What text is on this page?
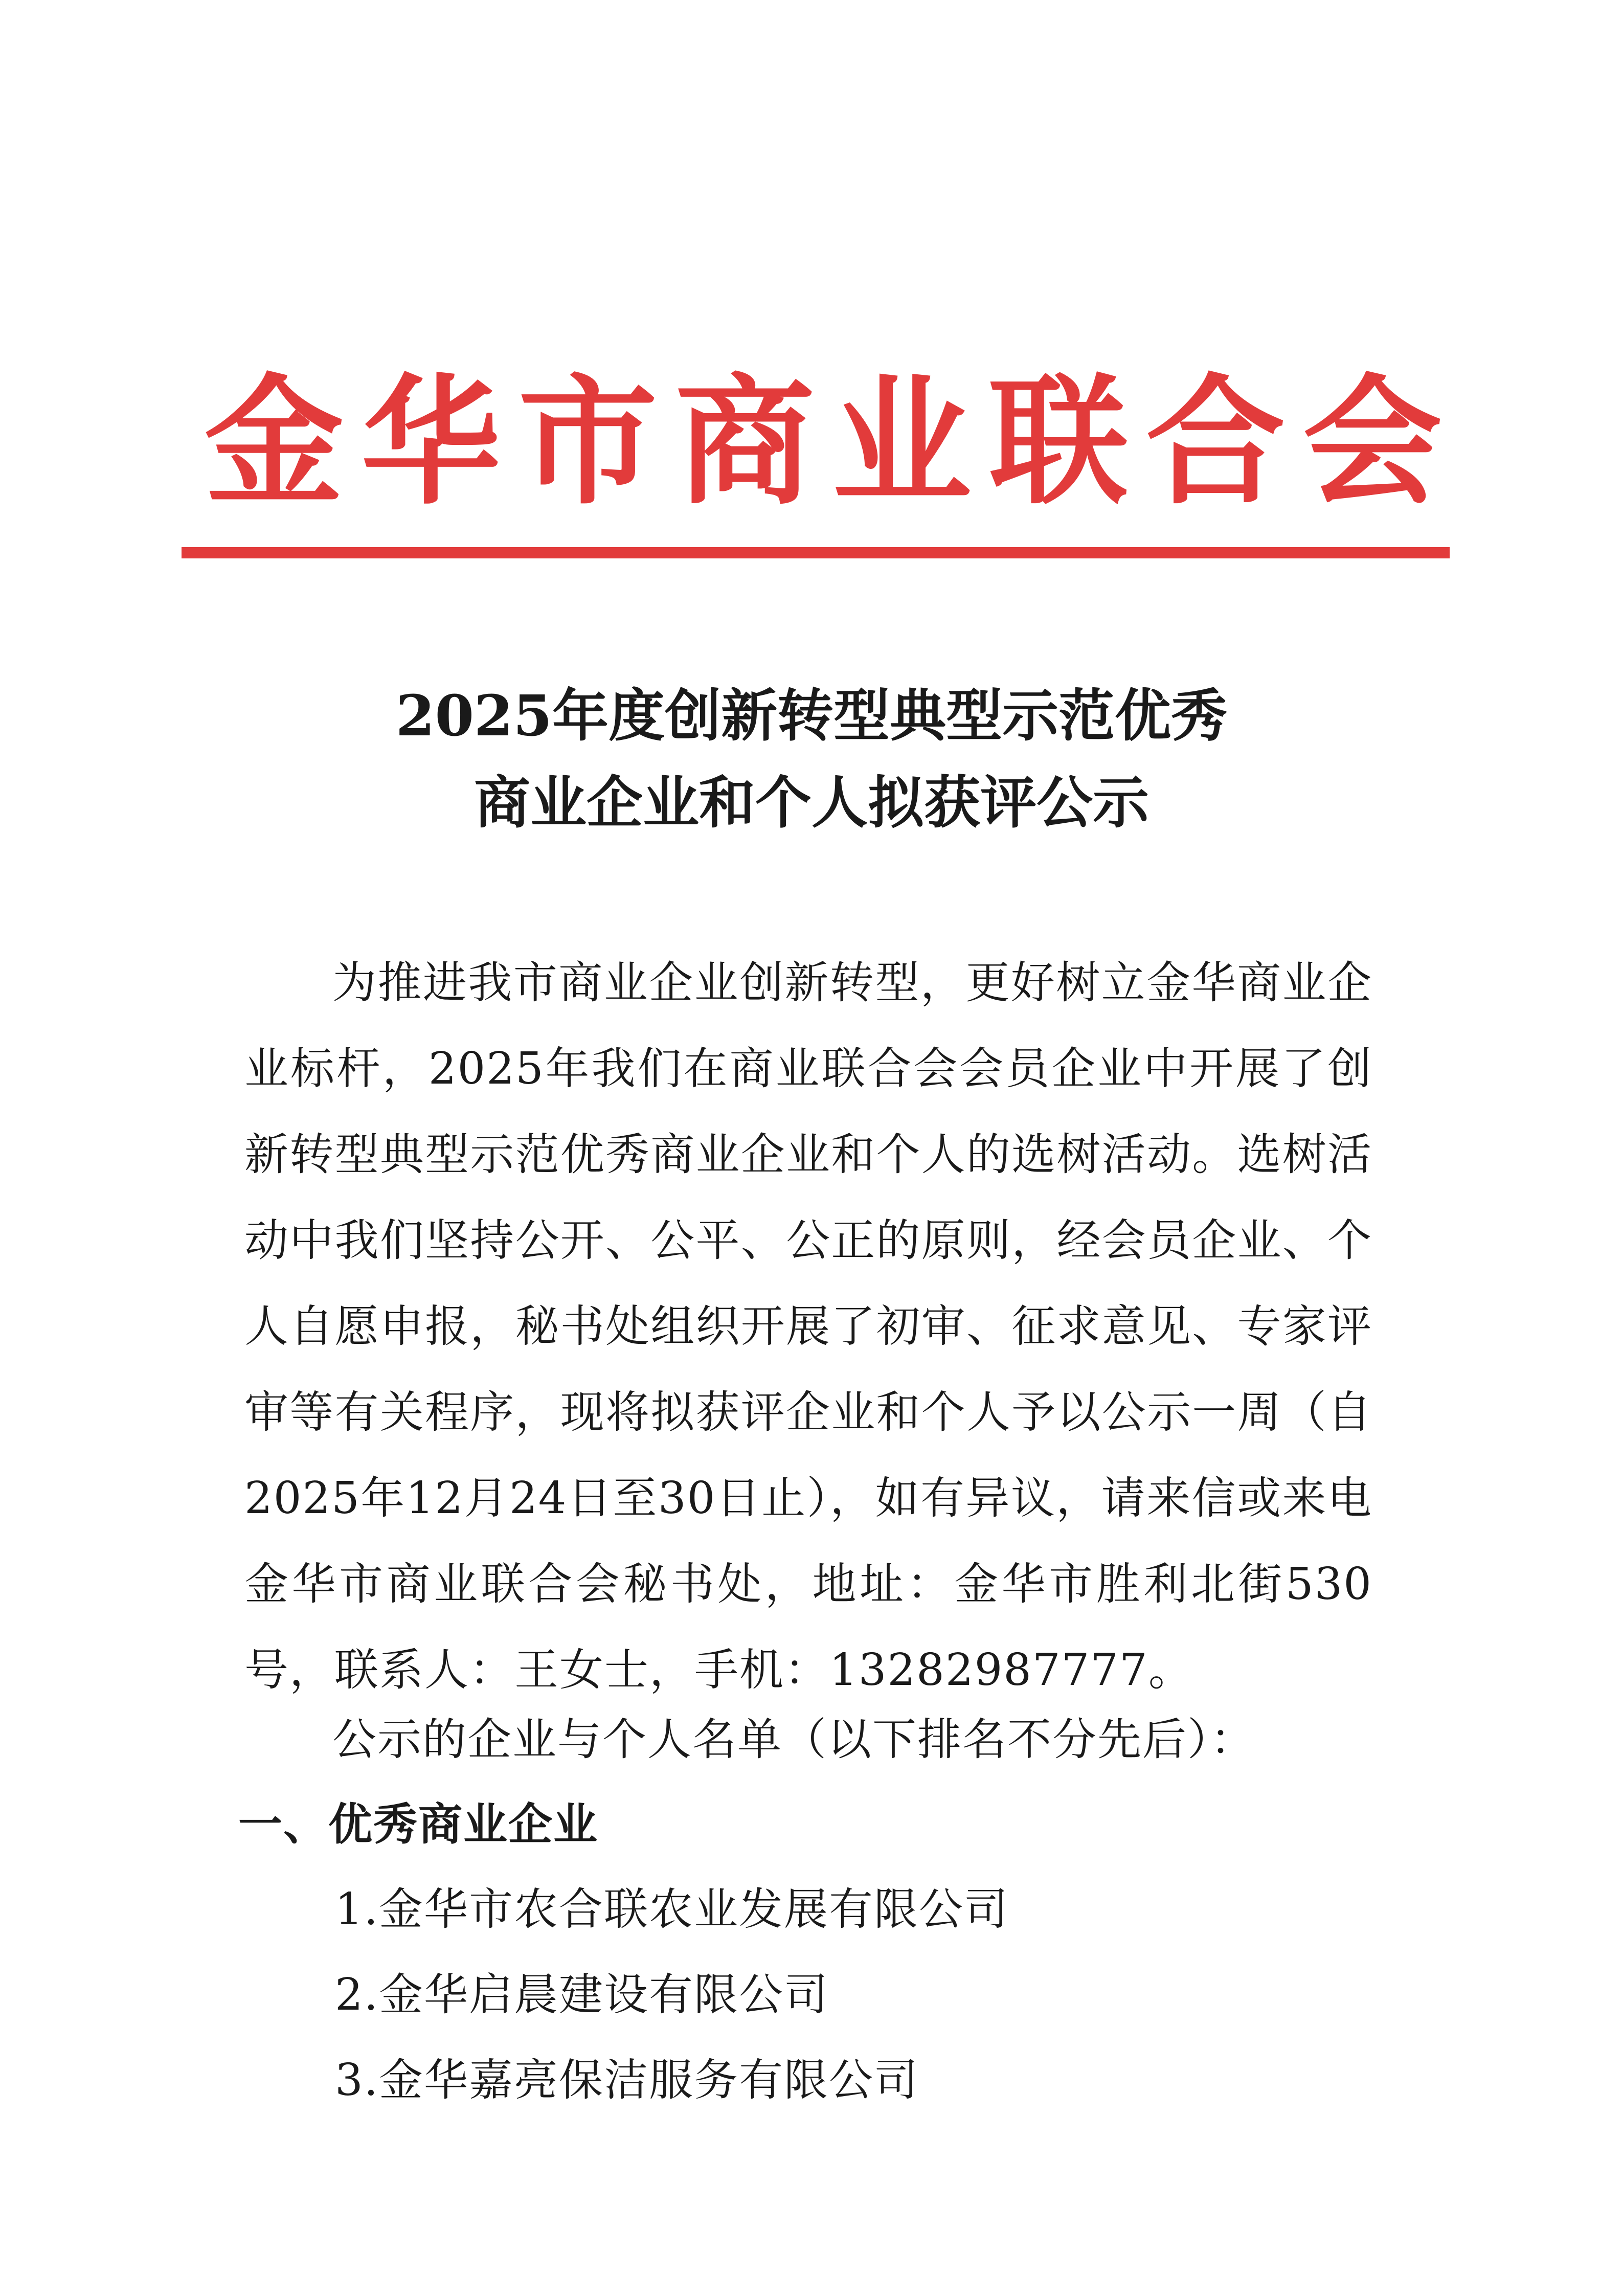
金 华 市 商 业 联 合 会
2025年度创新转型典型示范优秀
商业企业和个人拟获评公示

为推进我市商业企业创新转型，更好树立金华商业企业标杆，2025年我们在商业联合会会员企业中开展了创新转型典型示范优秀商业企业和个人的选树活动。选树活动中我们坚持公开、公平、公正的原则，经会员企业、个人自愿申报，秘书处组织开展了初审、征求意见、专家评审等有关程序，现将拟获评企业和个人予以公示一周（自2025年12月24日至30日止），如有异议，请来信或来电金华市商业联合会秘书处，地址：金华市胜利北街530号，联系人：王女士，手机：13282987777。

公示的企业与个人名单（以下排名不分先后）：
一、优秀商业企业
1.金华市农合联农业发展有限公司
2.金华启晨建设有限公司
3.金华嘉亮保洁服务有限公司
